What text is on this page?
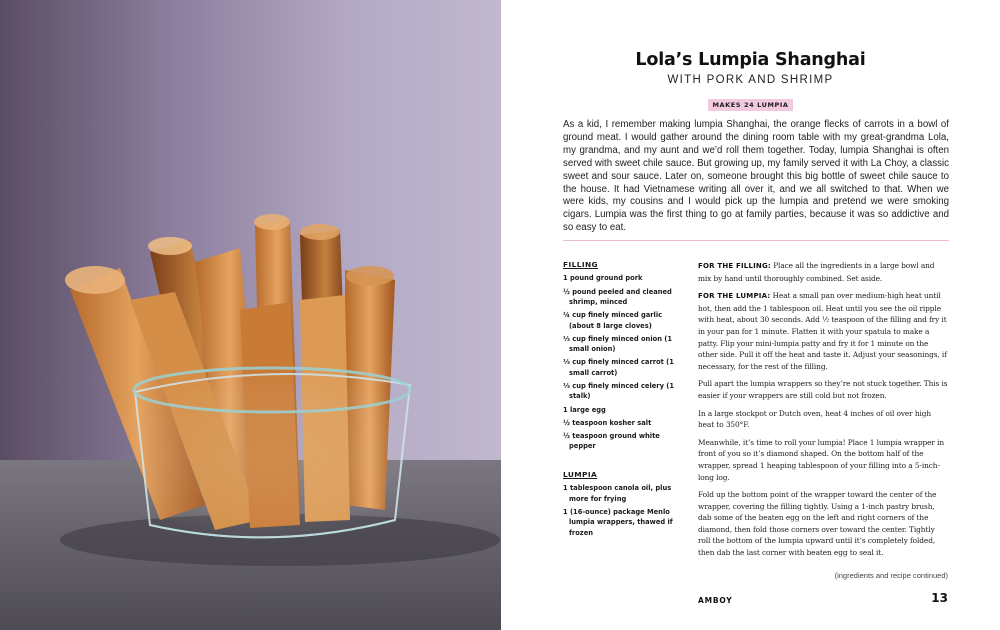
Lola’s Lumpia Shanghai
WITH PORK AND SHRIMP
MAKES 24 LUMPIA

As a kid, I remember making lumpia Shanghai, the orange flecks of carrots in a bowl of ground meat. I would gather around the dining room table with my great-grandma Lola, my grandma, and my aunt and we’d roll them together. Today, lumpia Shanghai is often served with sweet chile sauce. But growing up, my family served it with La Choy, a classic sweet and sour sauce. Later on, someone brought this big bottle of sweet chile sauce to the house. It had Vietnamese writing all over it, and we all switched to that. When we were kids, my cousins and I would pick up the lumpia and pretend we were smoking cigars. Lumpia was the first thing to go at family parties, because it was so addictive and so easy to eat.

FILLING
1 pound ground pork
½ pound peeled and cleaned shrimp, minced
¼ cup finely minced garlic (about 8 large cloves)
⅓ cup finely minced onion (1 small onion)
⅓ cup finely minced carrot (1 small carrot)
⅓ cup finely minced celery (1 stalk)
1 large egg
½ teaspoon kosher salt
½ teaspoon ground white pepper
LUMPIA
1 tablespoon canola oil, plus more for frying
1 (16-ounce) package Menlo lumpia wrappers, thawed if frozen

FOR THE FILLING: Place all the ingredients in a large bowl and mix by hand until thoroughly combined. Set aside.

FOR THE LUMPIA: Heat a small pan over medium-high heat until hot, then add the 1 tablespoon oil. Heat until you see the oil ripple with heat, about 30 seconds. Add ½ teaspoon of the filling and fry it in your pan for 1 minute. Flatten it with your spatula to make a patty. Flip your mini-lumpia patty and fry it for 1 minute on the other side. Pull it off the heat and taste it. Adjust your seasonings, if necessary, for the rest of the filling.

Pull apart the lumpia wrappers so they’re not stuck together. This is easier if your wrappers are still cold but not frozen.

In a large stockpot or Dutch oven, heat 4 inches of oil over high heat to 350°F.

Meanwhile, it’s time to roll your lumpia! Place 1 lumpia wrapper in front of you so it’s diamond shaped. On the bottom half of the wrapper, spread 1 heaping tablespoon of your filling into a 5-inch-long log.

Fold up the bottom point of the wrapper toward the center of the wrapper, covering the filling tightly. Using a 1-inch pastry brush, dab some of the beaten egg on the left and right corners of the diamond, then fold those corners over toward the center. Tightly roll the bottom of the lumpia upward until it’s completely folded, then dab the last corner with beaten egg to seal it.

(ingredients and recipe continued)
AMBOY	13
